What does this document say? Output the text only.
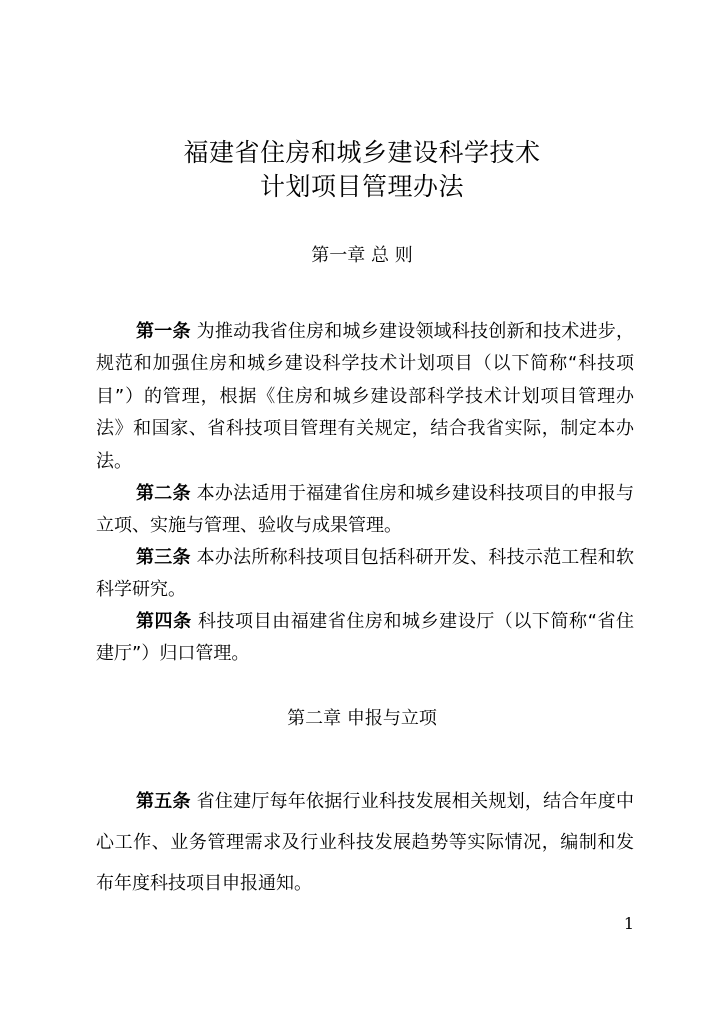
福建省住房和城乡建设科学技术
计划项目管理办法
第一章 总 则

第一条 为推动我省住房和城乡建设领域科技创新和技术进步，规范和加强住房和城乡建设科学技术计划项目（以下简称“科技项目”）的管理，根据《住房和城乡建设部科学技术计划项目管理办法》和国家、省科技项目管理有关规定，结合我省实际，制定本办法。

第二条 本办法适用于福建省住房和城乡建设科技项目的申报与立项、实施与管理、验收与成果管理。

第三条 本办法所称科技项目包括科研开发、科技示范工程和软科学研究。

第四条 科技项目由福建省住房和城乡建设厅（以下简称“省住建厅”）归口管理。

第二章 申报与立项

第五条 省住建厅每年依据行业科技发展相关规划，结合年度中心工作、业务管理需求及行业科技发展趋势等实际情况，编制和发布年度科技项目申报通知。

1
